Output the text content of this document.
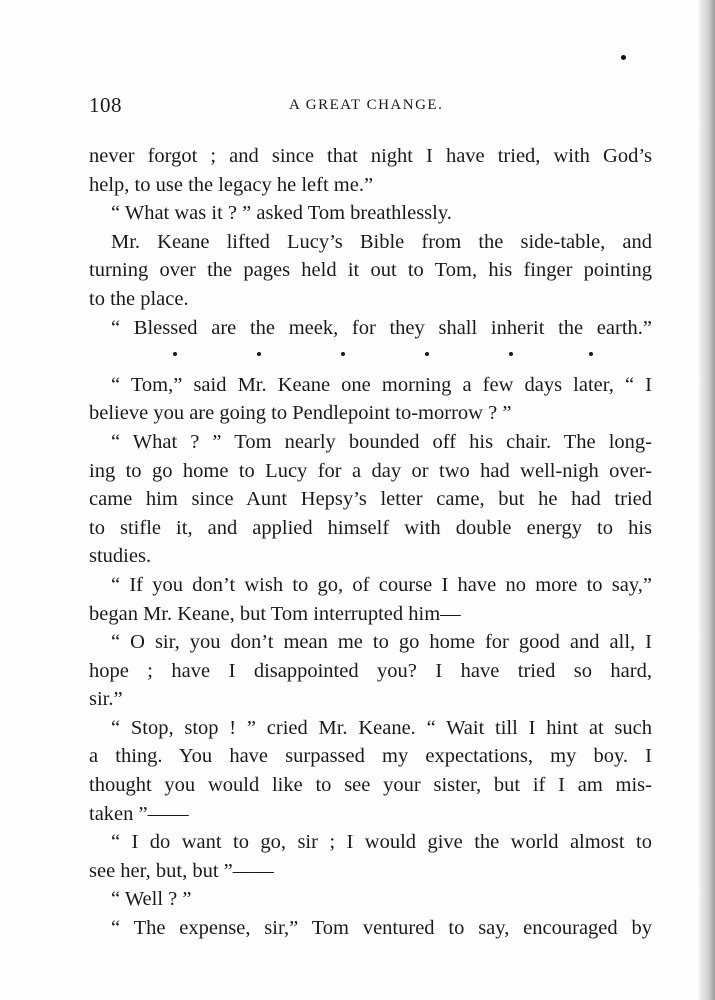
108	A GREAT CHANGE.
never forgot ; and since that night I have tried, with God’s
help, to use the legacy he left me.”
“ What was it ? ” asked Tom breathlessly.
Mr. Keane lifted Lucy’s Bible from the side-table, and
turning over the pages held it out to Tom, his finger pointing
to the place.
“ Blessed are the meek, for they shall inherit the earth.”
“ Tom,” said Mr. Keane one morning a few days later, “ I
believe you are going to Pendlepoint to-morrow ? ”
“ What ? ” Tom nearly bounded off his chair. The long-
ing to go home to Lucy for a day or two had well-nigh over-
came him since Aunt Hepsy’s letter came, but he had tried
to stifle it, and applied himself with double energy to his
studies.
“ If you don’t wish to go, of course I have no more to say,”
began Mr. Keane, but Tom interrupted him—
“ O sir, you don’t mean me to go home for good and all, I
hope ; have I disappointed you? I have tried so hard,
sir.”
“ Stop, stop ! ” cried Mr. Keane. “ Wait till I hint at such
a thing. You have surpassed my expectations, my boy. I
thought you would like to see your sister, but if I am mis-
taken ”——
“ I do want to go, sir ; I would give the world almost to
see her, but, but ”——
“ Well ? ”
“ The expense, sir,” Tom ventured to say, encouraged by
